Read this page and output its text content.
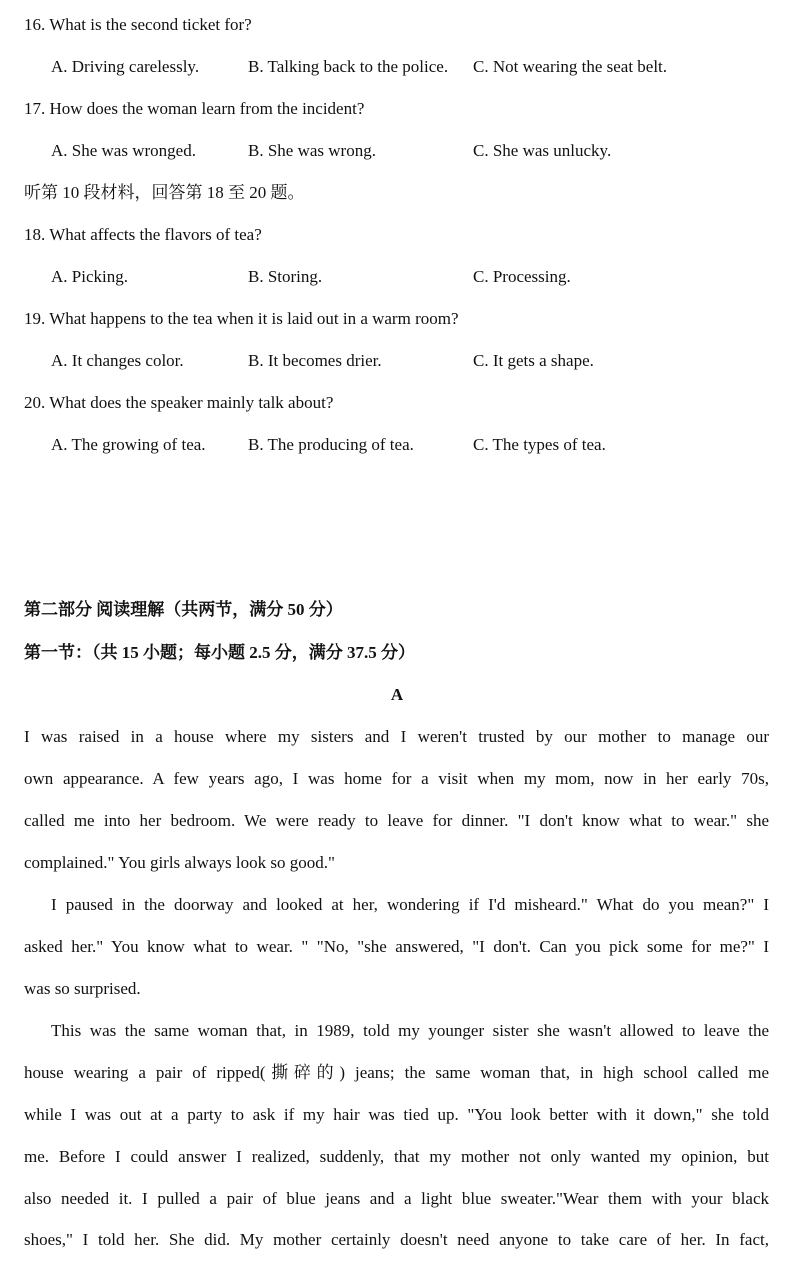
16. What is the second ticket for?
A. Driving carelessly.	B. Talking back to the police. C. Not wearing the seat belt.
17. How does the woman learn from the incident?
A. She was wronged.	B. She was wrong.	C. She was unlucky.
听第 10 段材料，回答第 18 至 20 题。
18. What affects the flavors of tea?
A. Picking.	B. Storing.	C. Processing.
19. What happens to the tea when it is laid out in a warm room?
A. It changes color.	B. It becomes drier.	C. It gets a shape.
20. What does the speaker mainly talk about?
A. The growing of tea. B. The producing of tea.	C. The types of tea.
第二部分 阅读理解（共两节，满分 50 分）
第一节：（共 15 小题；每小题 2.5 分，满分 37.5 分）
A
I was raised in a house where my sisters and I weren't trusted by our mother to manage our
own appearance. A few years ago, I was home for a visit when my mom, now in her early 70s,
called me into her bedroom. We were ready to leave for dinner. "I don't know what to wear." she
complained." You girls always look so good."
I paused in the doorway and looked at her, wondering if I'd misheard." What do you mean?" I
asked her." You know what to wear. " "No, "she answered, "I don't. Can you pick some for me?" I
was so surprised.
This was the same woman that, in 1989, told my younger sister she wasn't allowed to leave the
house wearing a pair of ripped(撕碎的) jeans; the same woman that, in high school called me
while I was out at a party to ask if my hair was tied up. "You look better with it down," she told
me. Before I could answer I realized, suddenly, that my mother not only wanted my opinion, but
also needed it. I pulled a pair of blue jeans and a light blue sweater."Wear them with your black
shoes," I told her. She did. My mother certainly doesn't need anyone to take care of her. In fact,
